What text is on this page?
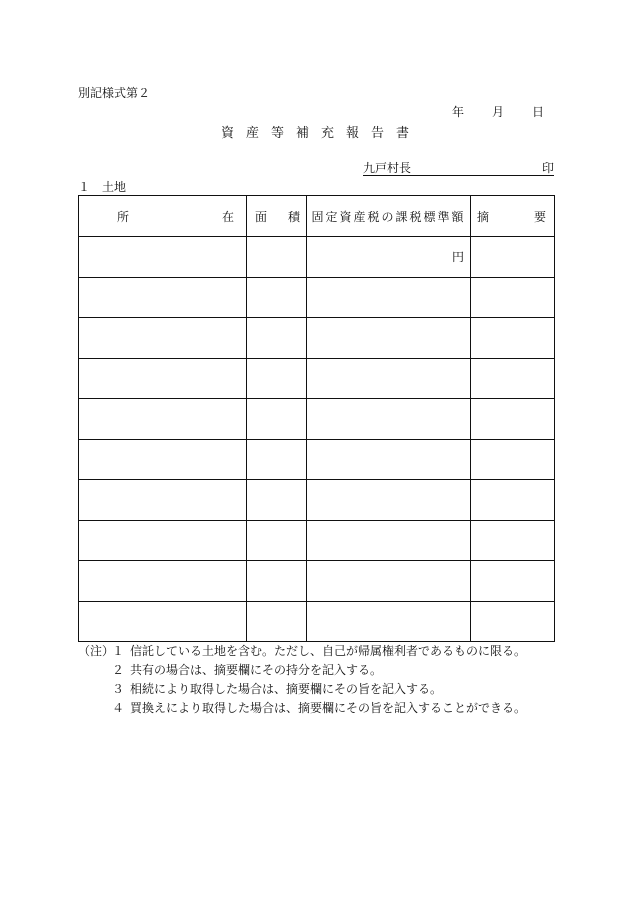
別記様式第２
年 月 日
資 産 等 補 充 報 告 書
九戸村長	印
１　土地
所 在	面 積	固定資産税の課税標準額	摘 要

		円	

（注）
１ 信託している土地を含む。ただし、自己が帰属権利者であるものに限る。
２ 共有の場合は、摘要欄にその持分を記入する。
３ 相続により取得した場合は、摘要欄にその旨を記入する。
４ 買換えにより取得した場合は、摘要欄にその旨を記入することができる。
